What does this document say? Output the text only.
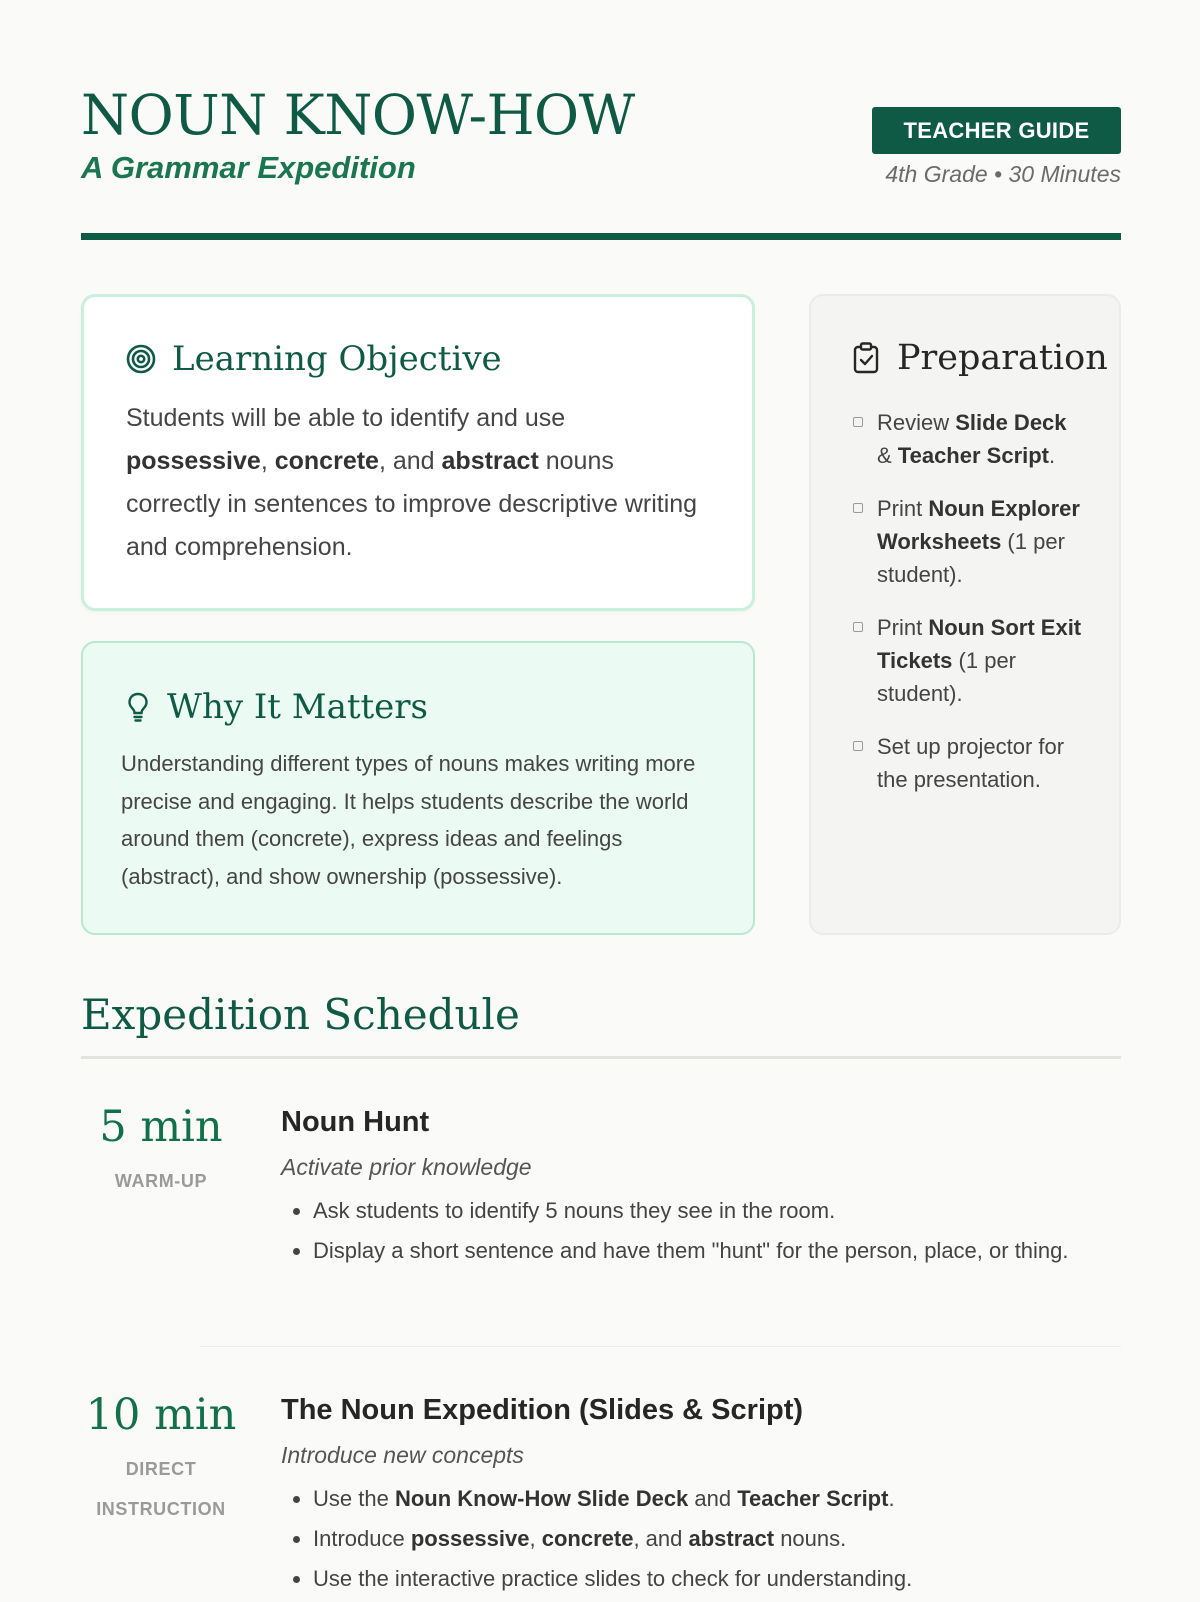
NOUN KNOW-HOW
A Grammar Expedition
TEACHER GUIDE
4th Grade • 30 Minutes
Learning Objective

Students will be able to identify and use possessive, concrete, and abstract nouns correctly in sentences to improve descriptive writing and comprehension.

Why It Matters

Understanding different types of nouns makes writing more precise and engaging. It helps students describe the world around them (concrete), express ideas and feelings (abstract), and show ownership (possessive).

Preparation
Review Slide Deck & Teacher Script.
Print Noun Explorer Worksheets (1 per student).
Print Noun Sort Exit Tickets (1 per student).
Set up projector for the presentation.
Expedition Schedule
5 min
WARM-UP
Noun Hunt
Activate prior knowledge
• Ask students to identify 5 nouns they see in the room.
• Display a short sentence and have them "hunt" for the person, place, or thing.
10 min
DIRECT INSTRUCTION
The Noun Expedition (Slides & Script)
Introduce new concepts
• Use the Noun Know-How Slide Deck and Teacher Script.
• Introduce possessive, concrete, and abstract nouns.
• Use the interactive practice slides to check for understanding.
